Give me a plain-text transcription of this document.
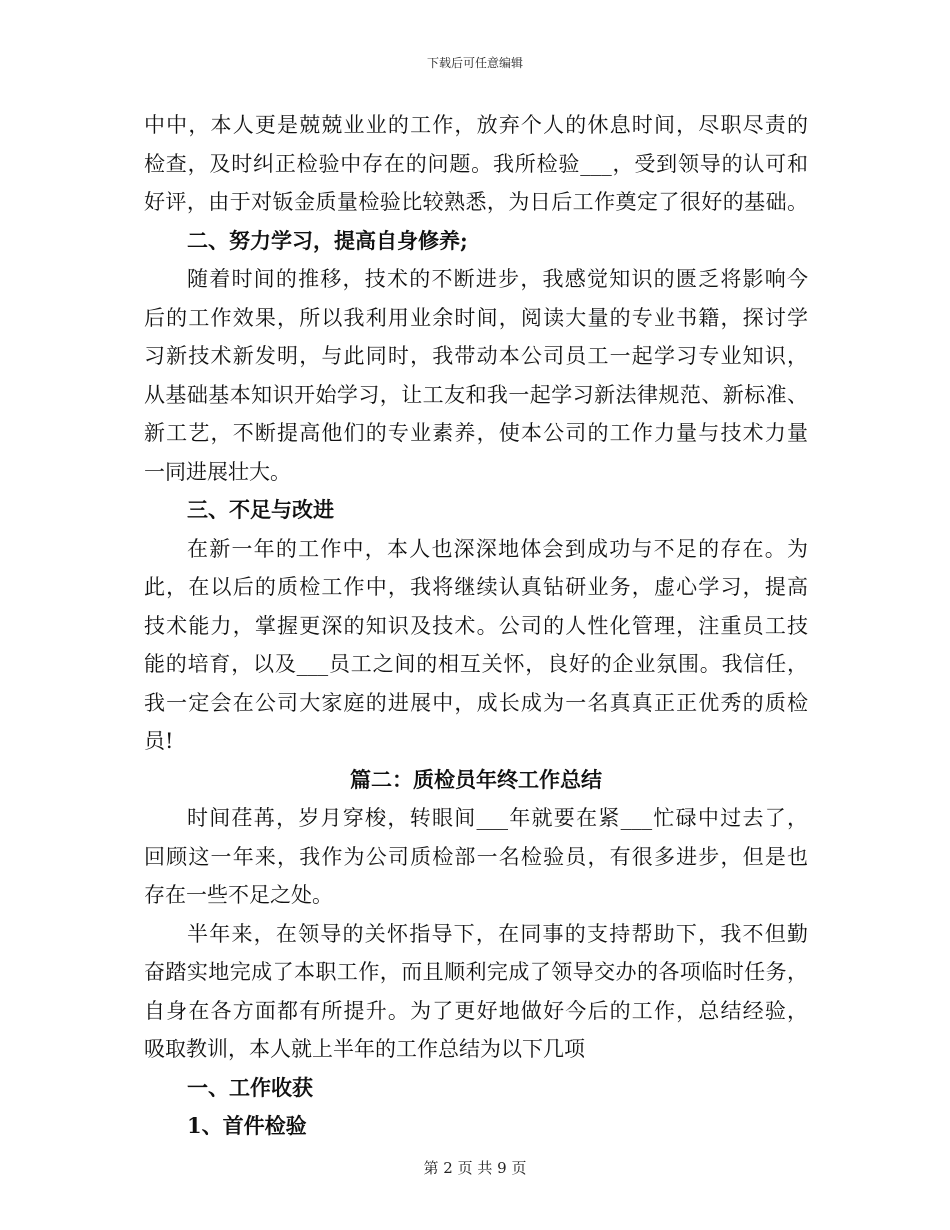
下载后可任意编辑
中中，本人更是兢兢业业的工作，放弃个人的休息时间，尽职尽责的
检查，及时纠正检验中存在的问题。我所检验___，受到领导的认可和
好评，由于对钣金质量检验比较熟悉，为日后工作奠定了很好的基础。
二、努力学习，提高自身修养;
随着时间的推移，技术的不断进步，我感觉知识的匮乏将影响今
后的工作效果，所以我利用业余时间，阅读大量的专业书籍，探讨学
习新技术新发明，与此同时，我带动本公司员工一起学习专业知识，
从基础基本知识开始学习，让工友和我一起学习新法律规范、新标准、
新工艺，不断提高他们的专业素养，使本公司的工作力量与技术力量
一同进展壮大。
三、不足与改进
在新一年的工作中，本人也深深地体会到成功与不足的存在。为
此，在以后的质检工作中，我将继续认真钻研业务，虚心学习，提高
技术能力，掌握更深的知识及技术。公司的人性化管理，注重员工技
能的培育，以及___员工之间的相互关怀，良好的企业氛围。我信任，
我一定会在公司大家庭的进展中，成长成为一名真真正正优秀的质检
员!
篇二：质检员年终工作总结
时间荏苒，岁月穿梭，转眼间___年就要在紧___忙碌中过去了，
回顾这一年来，我作为公司质检部一名检验员，有很多进步，但是也
存在一些不足之处。
半年来，在领导的关怀指导下，在同事的支持帮助下，我不但勤
奋踏实地完成了本职工作，而且顺利完成了领导交办的各项临时任务，
自身在各方面都有所提升。为了更好地做好今后的工作，总结经验，
吸取教训，本人就上半年的工作总结为以下几项
一、工作收获
1、首件检验
第 2 页 共 9 页
